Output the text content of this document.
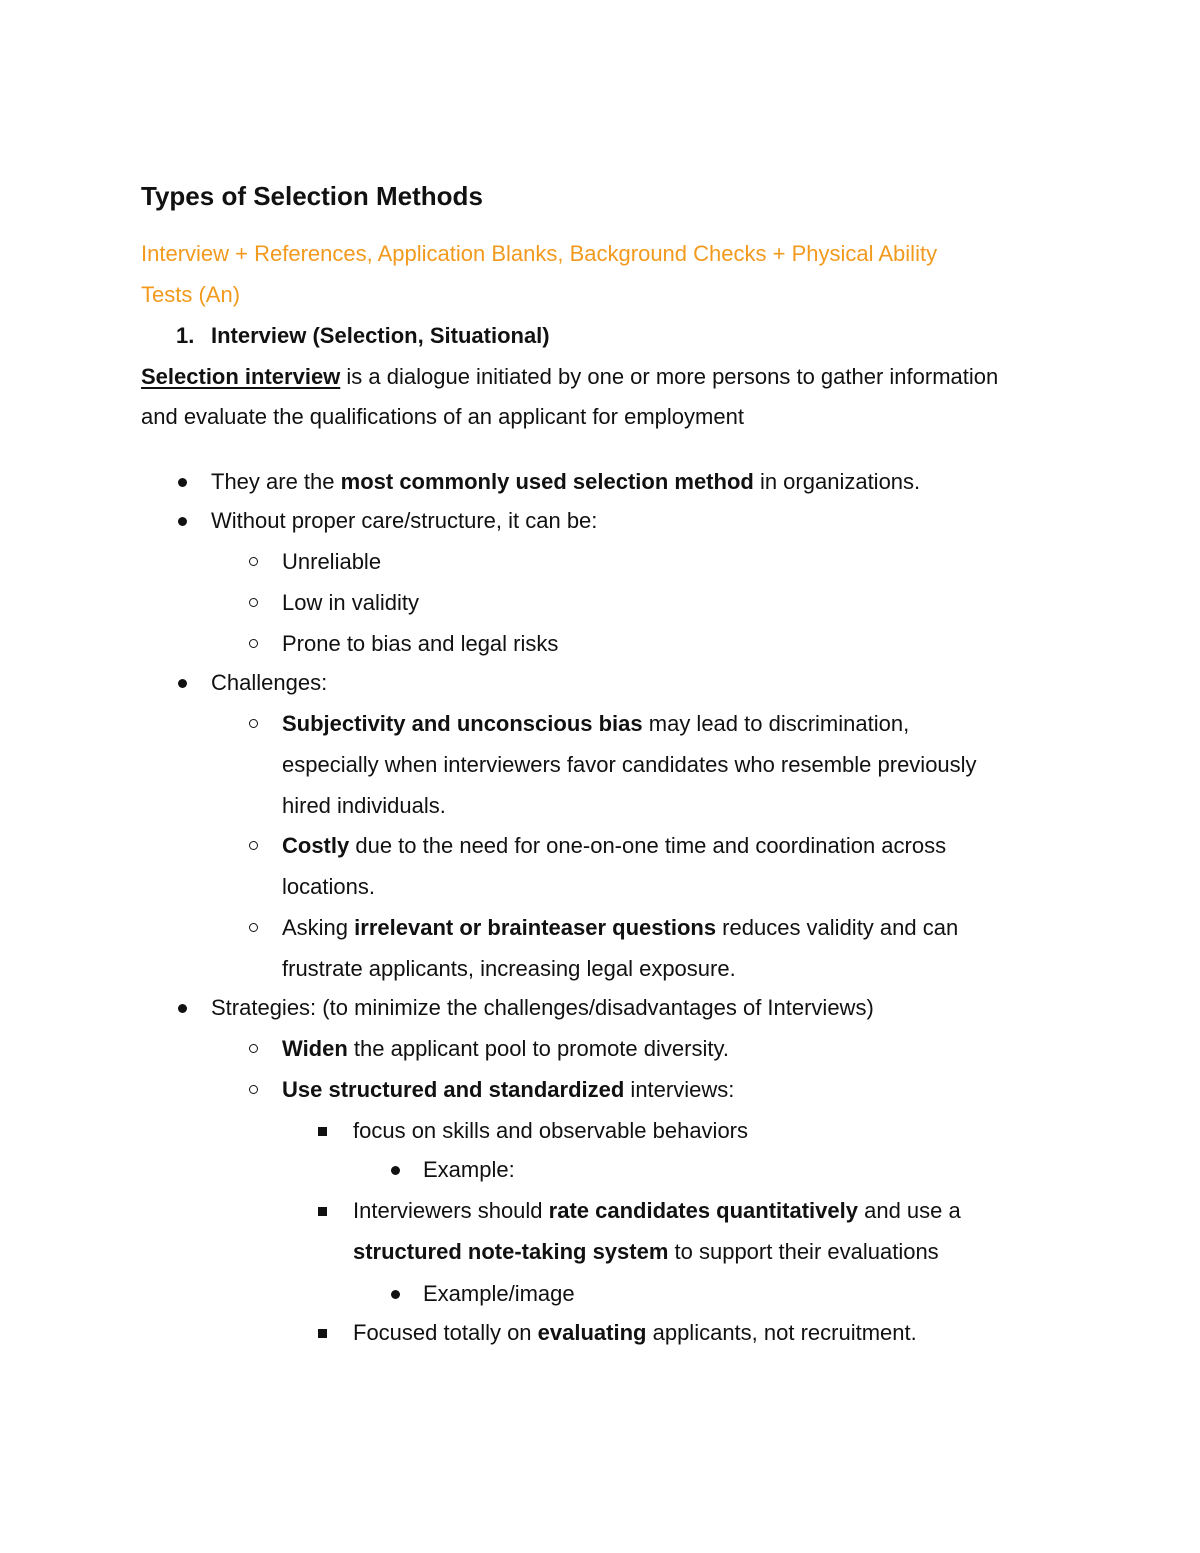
Types of Selection Methods
Interview + References, Application Blanks, Background Checks + Physical Ability
Tests (An)
1. Interview (Selection, Situational)
Selection interview is a dialogue initiated by one or more persons to gather information
and evaluate the qualifications of an applicant for employment
They are the most commonly used selection method in organizations.
Without proper care/structure, it can be:
Unreliable
Low in validity
Prone to bias and legal risks
Challenges:
Subjectivity and unconscious bias may lead to discrimination,
especially when interviewers favor candidates who resemble previously
hired individuals.
Costly due to the need for one-on-one time and coordination across
locations.
Asking irrelevant or brainteaser questions reduces validity and can
frustrate applicants, increasing legal exposure.
Strategies: (to minimize the challenges/disadvantages of Interviews)
Widen the applicant pool to promote diversity.
Use structured and standardized interviews:
focus on skills and observable behaviors
Example:
Interviewers should rate candidates quantitatively and use a
structured note-taking system to support their evaluations
Example/image
Focused totally on evaluating applicants, not recruitment.
